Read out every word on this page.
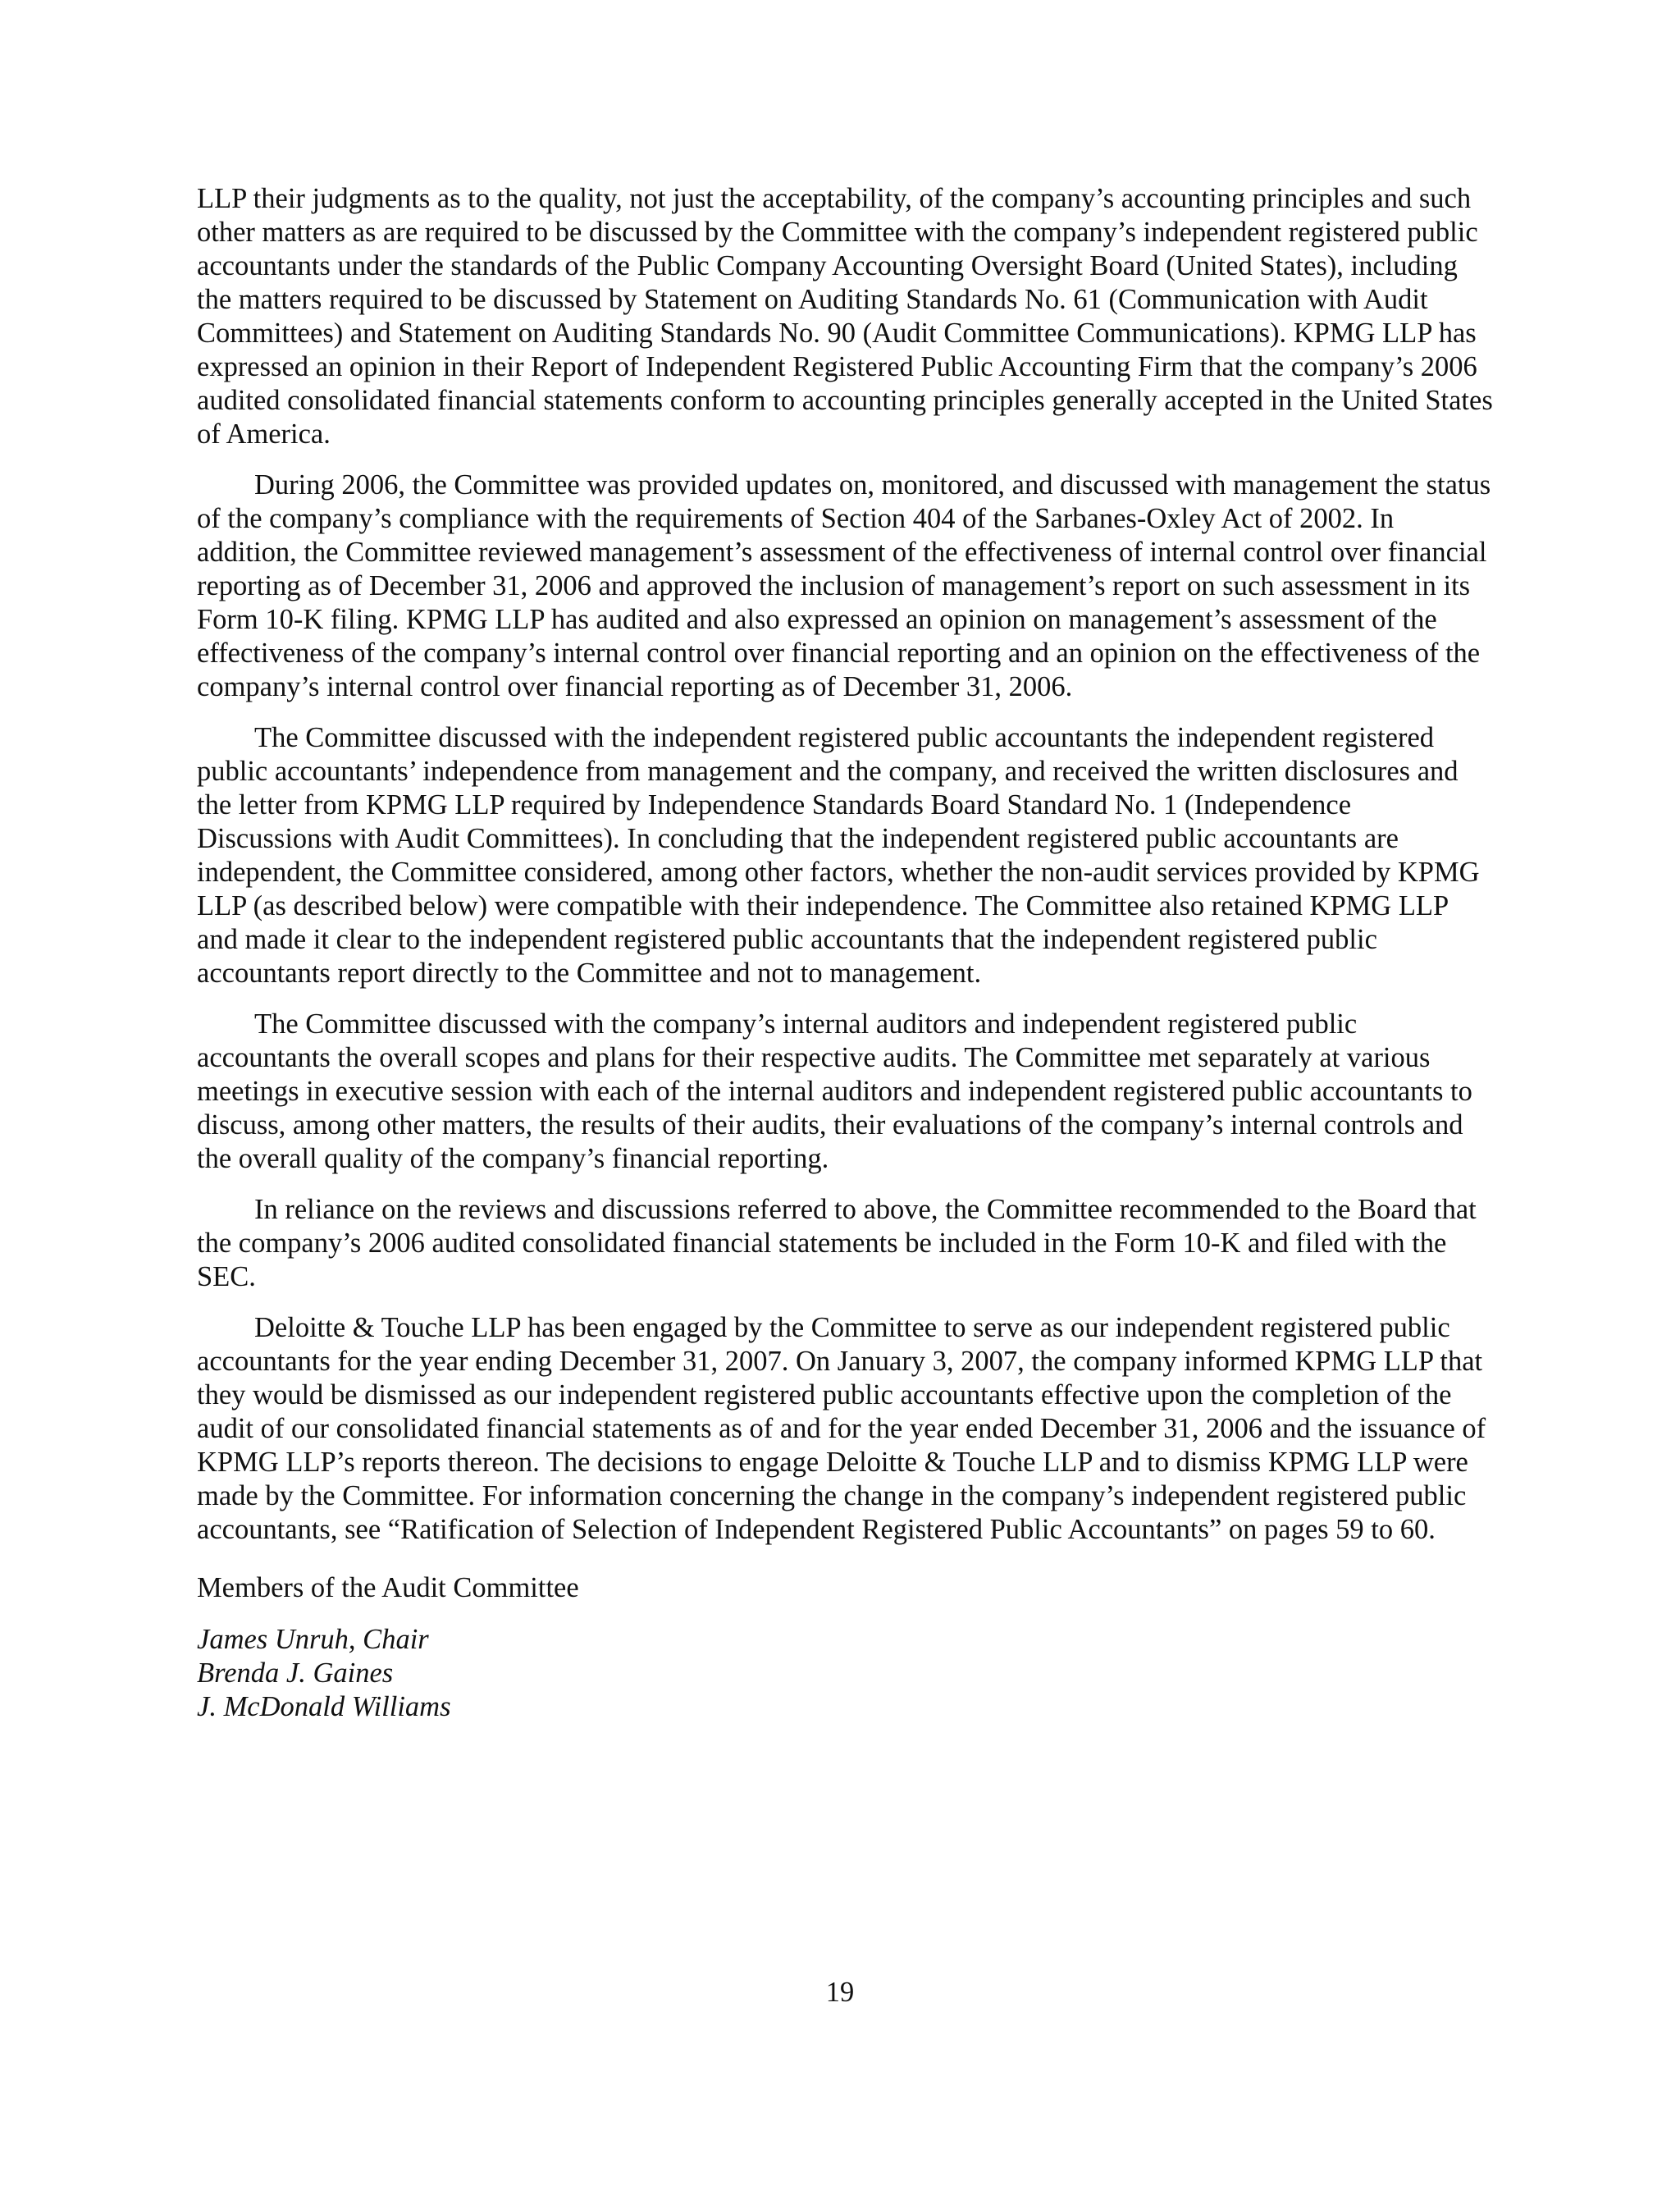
LLP their judgments as to the quality, not just the acceptability, of the company’s accounting principles and such other matters as are required to be discussed by the Committee with the company’s independent registered public accountants under the standards of the Public Company Accounting Oversight Board (United States), including the matters required to be discussed by Statement on Auditing Standards No. 61 (Communication with Audit Committees) and Statement on Auditing Standards No. 90 (Audit Committee Communications). KPMG LLP has expressed an opinion in their Report of Independent Registered Public Accounting Firm that the company’s 2006 audited consolidated financial statements conform to accounting principles generally accepted in the United States of America.

During 2006, the Committee was provided updates on, monitored, and discussed with management the status of the company’s compliance with the requirements of Section 404 of the Sarbanes-Oxley Act of 2002. In addition, the Committee reviewed management’s assessment of the effectiveness of internal control over financial reporting as of December 31, 2006 and approved the inclusion of management’s report on such assessment in its Form 10-K filing. KPMG LLP has audited and also expressed an opinion on management’s assessment of the effectiveness of the company’s internal control over financial reporting and an opinion on the effectiveness of the company’s internal control over financial reporting as of December 31, 2006.

The Committee discussed with the independent registered public accountants the independent registered public accountants’ independence from management and the company, and received the written disclosures and the letter from KPMG LLP required by Independence Standards Board Standard No. 1 (Independence Discussions with Audit Committees). In concluding that the independent registered public accountants are independent, the Committee considered, among other factors, whether the non-audit services provided by KPMG LLP (as described below) were compatible with their independence. The Committee also retained KPMG LLP and made it clear to the independent registered public accountants that the independent registered public accountants report directly to the Committee and not to management.

The Committee discussed with the company’s internal auditors and independent registered public accountants the overall scopes and plans for their respective audits. The Committee met separately at various meetings in executive session with each of the internal auditors and independent registered public accountants to discuss, among other matters, the results of their audits, their evaluations of the company’s internal controls and the overall quality of the company’s financial reporting.

In reliance on the reviews and discussions referred to above, the Committee recommended to the Board that the company’s 2006 audited consolidated financial statements be included in the Form 10-K and filed with the SEC.

Deloitte & Touche LLP has been engaged by the Committee to serve as our independent registered public accountants for the year ending December 31, 2007. On January 3, 2007, the company informed KPMG LLP that they would be dismissed as our independent registered public accountants effective upon the completion of the audit of our consolidated financial statements as of and for the year ended December 31, 2006 and the issuance of KPMG LLP’s reports thereon. The decisions to engage Deloitte & Touche LLP and to dismiss KPMG LLP were made by the Committee. For information concerning the change in the company’s independent registered public accountants, see “Ratification of Selection of Independent Registered Public Accountants” on pages 59 to 60.

Members of the Audit Committee

James Unruh, Chair
Brenda J. Gaines
J. McDonald Williams
19
